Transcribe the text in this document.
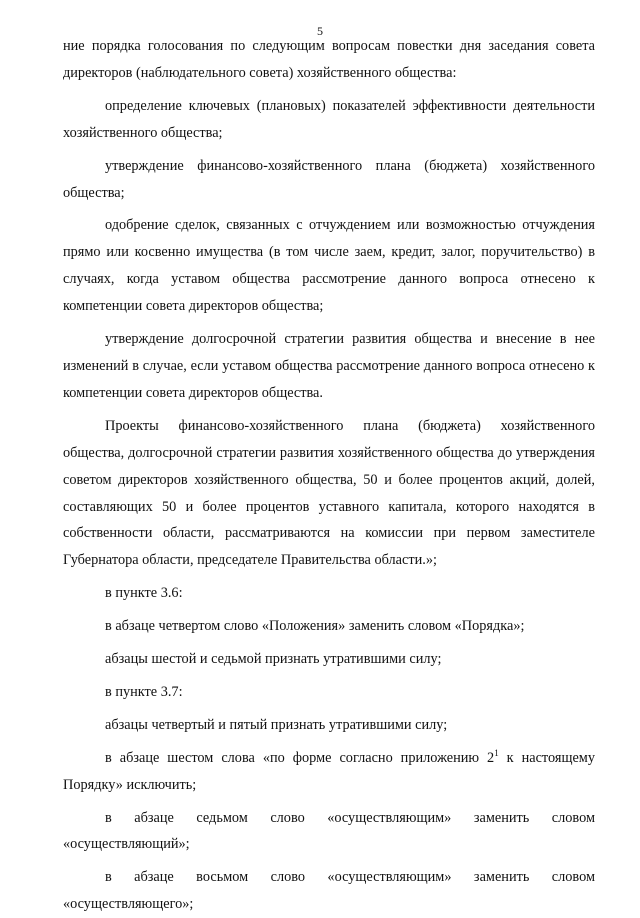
5

ние порядка голосования по следующим вопросам повестки дня заседания совета директоров (наблюдательного совета) хозяйственного общества:

определение ключевых (плановых) показателей эффективности деятельности хозяйственного общества;

утверждение финансово-хозяйственного плана (бюджета) хозяйственного общества;

одобрение сделок, связанных с отчуждением или возможностью отчуждения прямо или косвенно имущества (в том числе заем, кредит, залог, поручительство) в случаях, когда уставом общества рассмотрение данного вопроса отнесено к компетенции совета директоров общества;

утверждение долгосрочной стратегии развития общества и внесение в нее изменений в случае, если уставом общества рассмотрение данного вопроса отнесено к компетенции совета директоров общества.

Проекты финансово-хозяйственного плана (бюджета) хозяйственного общества, долгосрочной стратегии развития хозяйственного общества до утверждения советом директоров хозяйственного общества, 50 и более процентов акций, долей, составляющих 50 и более процентов уставного капитала, которого находятся в собственности области, рассматриваются на комиссии при первом заместителе Губернатора области, председателе Правительства области.»;

в пункте 3.6:

в абзаце четвертом слово «Положения» заменить словом «Порядка»;

абзацы шестой и седьмой признать утратившими силу;

в пункте 3.7:

абзацы четвертый и пятый признать утратившими силу;

в абзаце шестом слова «по форме согласно приложению $2^1$ к настоящему Порядку» исключить;

в абзаце седьмом слово «осуществляющим» заменить словом «осуществляющий»;

в абзаце восьмом слово «осуществляющим» заменить словом «осуществляющего»;
